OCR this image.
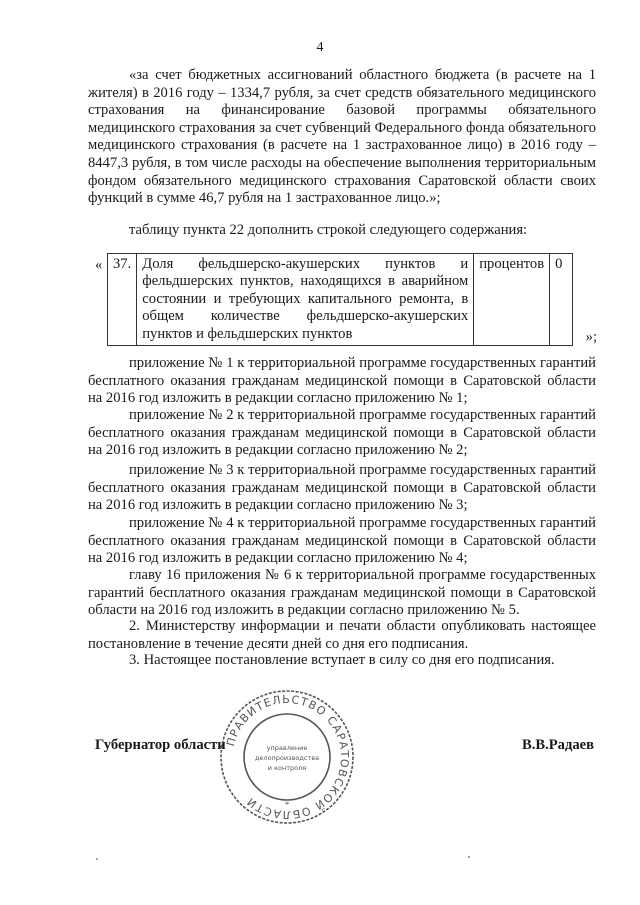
4

«за счет бюджетных ассигнований областного бюджета (в расчете на 1 жителя) в 2016 году – 1334,7 рубля, за счет средств обязательного медицинского страхования на финансирование базовой программы обязательного медицинского страхования за счет субвенций Федерального фонда обязательного медицинского страхования (в расчете на 1 застрахованное лицо) в 2016 году – 8447,3 рубля, в том числе расходы на обеспечение выполнения территориальным фондом обязательного медицинского страхования Саратовской области своих функций в сумме 46,7 рубля на 1 застрахованное лицо.»;

таблицу пункта 22 дополнить строкой следующего содержания:

« 37.	Доля фельдшерско-акушерских пунктов и фельдшерских пунктов, находящихся в аварийном состоянии и требующих капитального ремонта, в общем количестве фельдшерско-акушерских пунктов и фельдшерских пунктов	процентов	0
»;

приложение № 1 к территориальной программе государственных гарантий бесплатного оказания гражданам медицинской помощи в Саратовской области на 2016 год изложить в редакции согласно приложению № 1;

приложение № 2 к территориальной программе государственных гарантий бесплатного оказания гражданам медицинской помощи в Саратовской области на 2016 год изложить в редакции согласно приложению № 2;

приложение № 3 к территориальной программе государственных гарантий бесплатного оказания гражданам медицинской помощи в Саратовской области на 2016 год изложить в редакции согласно приложению № 3;

приложение № 4 к территориальной программе государственных гарантий бесплатного оказания гражданам медицинской помощи в Саратовской области на 2016 год изложить в редакции согласно приложению № 4;

главу 16 приложения № 6 к территориальной программе государственных гарантий бесплатного оказания гражданам медицинской помощи в Саратовской области на 2016 год изложить в редакции согласно приложению № 5.

2. Министерству информации и печати области опубликовать настоящее постановление в течение десяти дней со дня его подписания.

3. Настоящее постановление вступает в силу со дня его подписания.

Губернатор области	В.В.Радаев
ПРАВИТЕЛЬСТВО САРАТОВСКОЙ ОБЛАСТИ
управление
делопроизводства
и контроля
*
